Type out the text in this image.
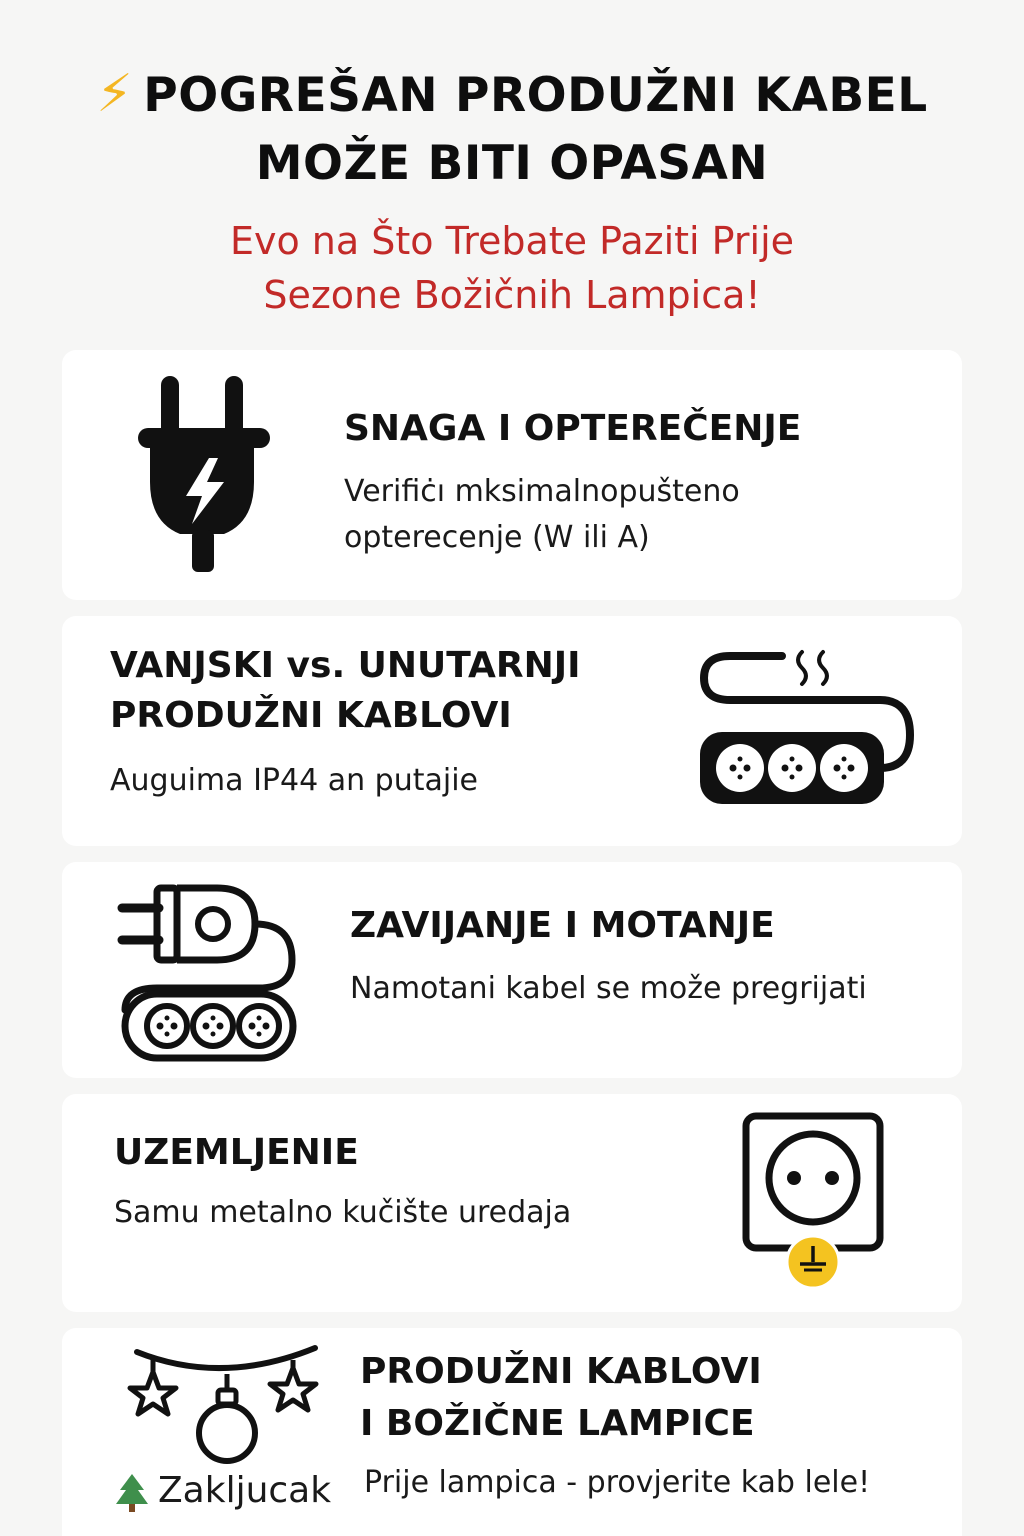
⚡ POGREŠAN PRODUŽNI KABEL
MOŽE BITI OPASAN
Evo na Što Trebate Paziti Prije
Sezone Božičnih Lampica!
SNAGA I OPTEREČENJE
Verifiċı mksimalnopušteno
opterecenje (W ili A)
VANJSKI vs. UNUTARNJI
PRODUŽNI KABLOVI
Auguima IP44 an putajie
ZAVIJANJE I MOTANJE
Namotani kabel se može pregrijati
UZEMLJENIE
Samu metalno kučište uredaja
PRODUŽNI KABLOVI
I BOŽIČNE LAMPICE
Zakljucak Prije lampica - provjerite kab lele!
